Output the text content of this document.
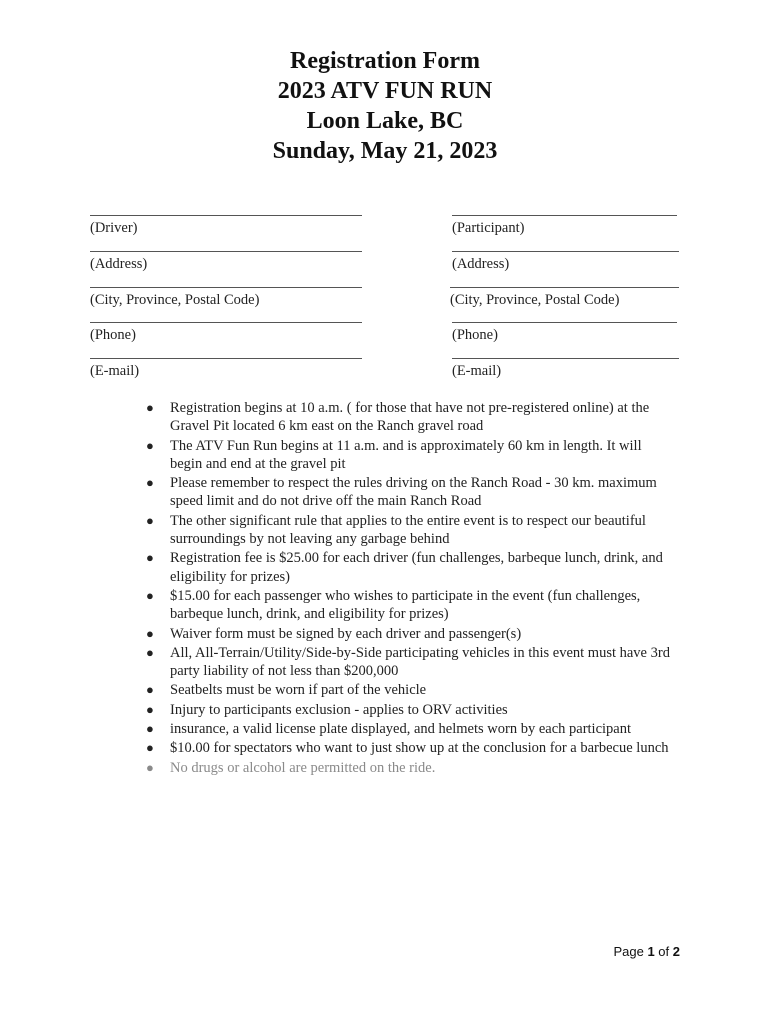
Registration Form
2023 ATV FUN RUN
Loon Lake, BC
Sunday, May 21, 2023
(Driver)
(Address)
(City, Province, Postal Code)
(Phone)
(E-mail)
(Participant)
(Address)
(City, Province, Postal Code)
(Phone)
(E-mail)
● Registration begins at 10 a.m. ( for those that have not pre-registered online) at the Gravel Pit located 6 km east on the Ranch gravel road
● The ATV Fun Run begins at 11 a.m. and is approximately 60 km in length. It will begin and end at the gravel pit
● Please remember to respect the rules driving on the Ranch Road - 30 km. maximum speed limit and do not drive off the main Ranch Road
● The other significant rule that applies to the entire event is to respect our beautiful surroundings by not leaving any garbage behind
● Registration fee is $25.00 for each driver (fun challenges, barbeque lunch, drink, and eligibility for prizes)
● $15.00 for each passenger who wishes to participate in the event (fun challenges, barbeque lunch, drink, and eligibility for prizes)
● Waiver form must be signed by each driver and passenger(s)
● All, All-Terrain/Utility/Side-by-Side participating vehicles in this event must have 3rd party liability of not less than $200,000
● Seatbelts must be worn if part of the vehicle
● Injury to participants exclusion - applies to ORV activities
● insurance, a valid license plate displayed, and helmets worn by each participant
● $10.00 for spectators who want to just show up at the conclusion for a barbecue lunch
● No drugs or alcohol are permitted on the ride.
Page 1 of 2
